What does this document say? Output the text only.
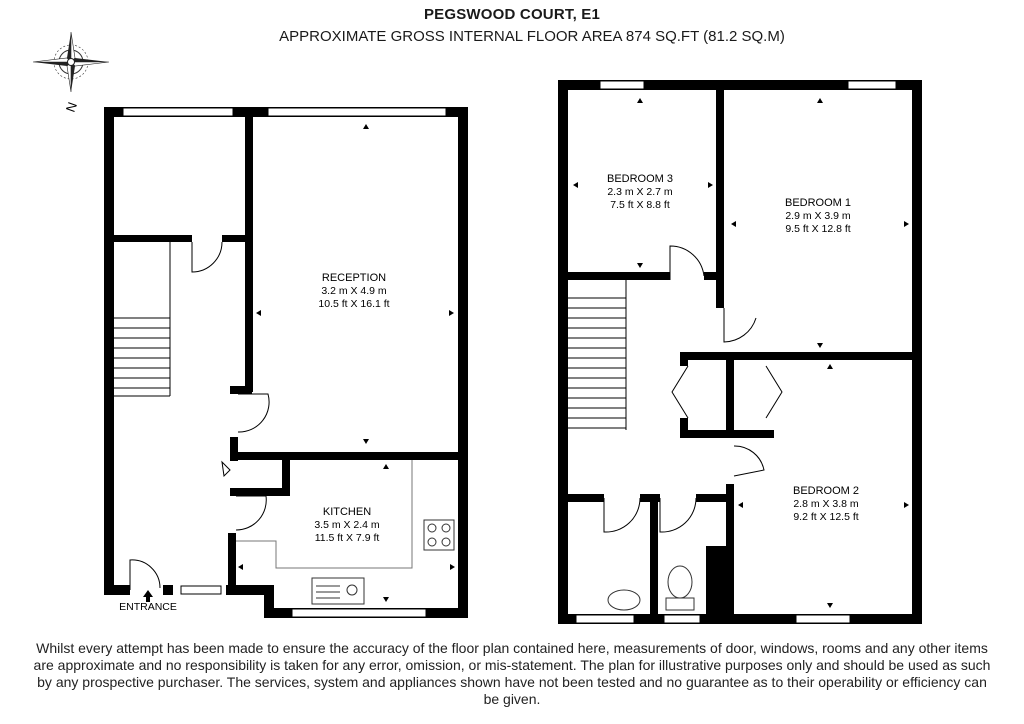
PEGSWOOD COURT, E1
APPROXIMATE GROSS INTERNAL FLOOR AREA 874 SQ.FT (81.2 SQ.M)
N
RECEPTION
3.2 m X 4.9 m
10.5 ft X 16.1 ft
KITCHEN
3.5 m X 2.4 m
11.5 ft X 7.9 ft
ENTRANCE
BEDROOM 3
2.3 m X 2.7 m
7.5 ft X 8.8 ft	BEDROOM 1
2.9 m X 3.9 m
9.5 ft X 12.8 ft
BEDROOM 2
2.8 m X 3.8 m
9.2 ft X 12.5 ft
Whilst every attempt has been made to ensure the accuracy of the floor plan contained here, measurements of door, windows, rooms and any other items are approximate and no responsibility is taken for any error, omission, or mis-statement. The plan for illustrative purposes only and should be used as such by any prospective purchaser. The services, system and appliances shown have not been tested and no guarantee as to their operability or efficiency can be given.
